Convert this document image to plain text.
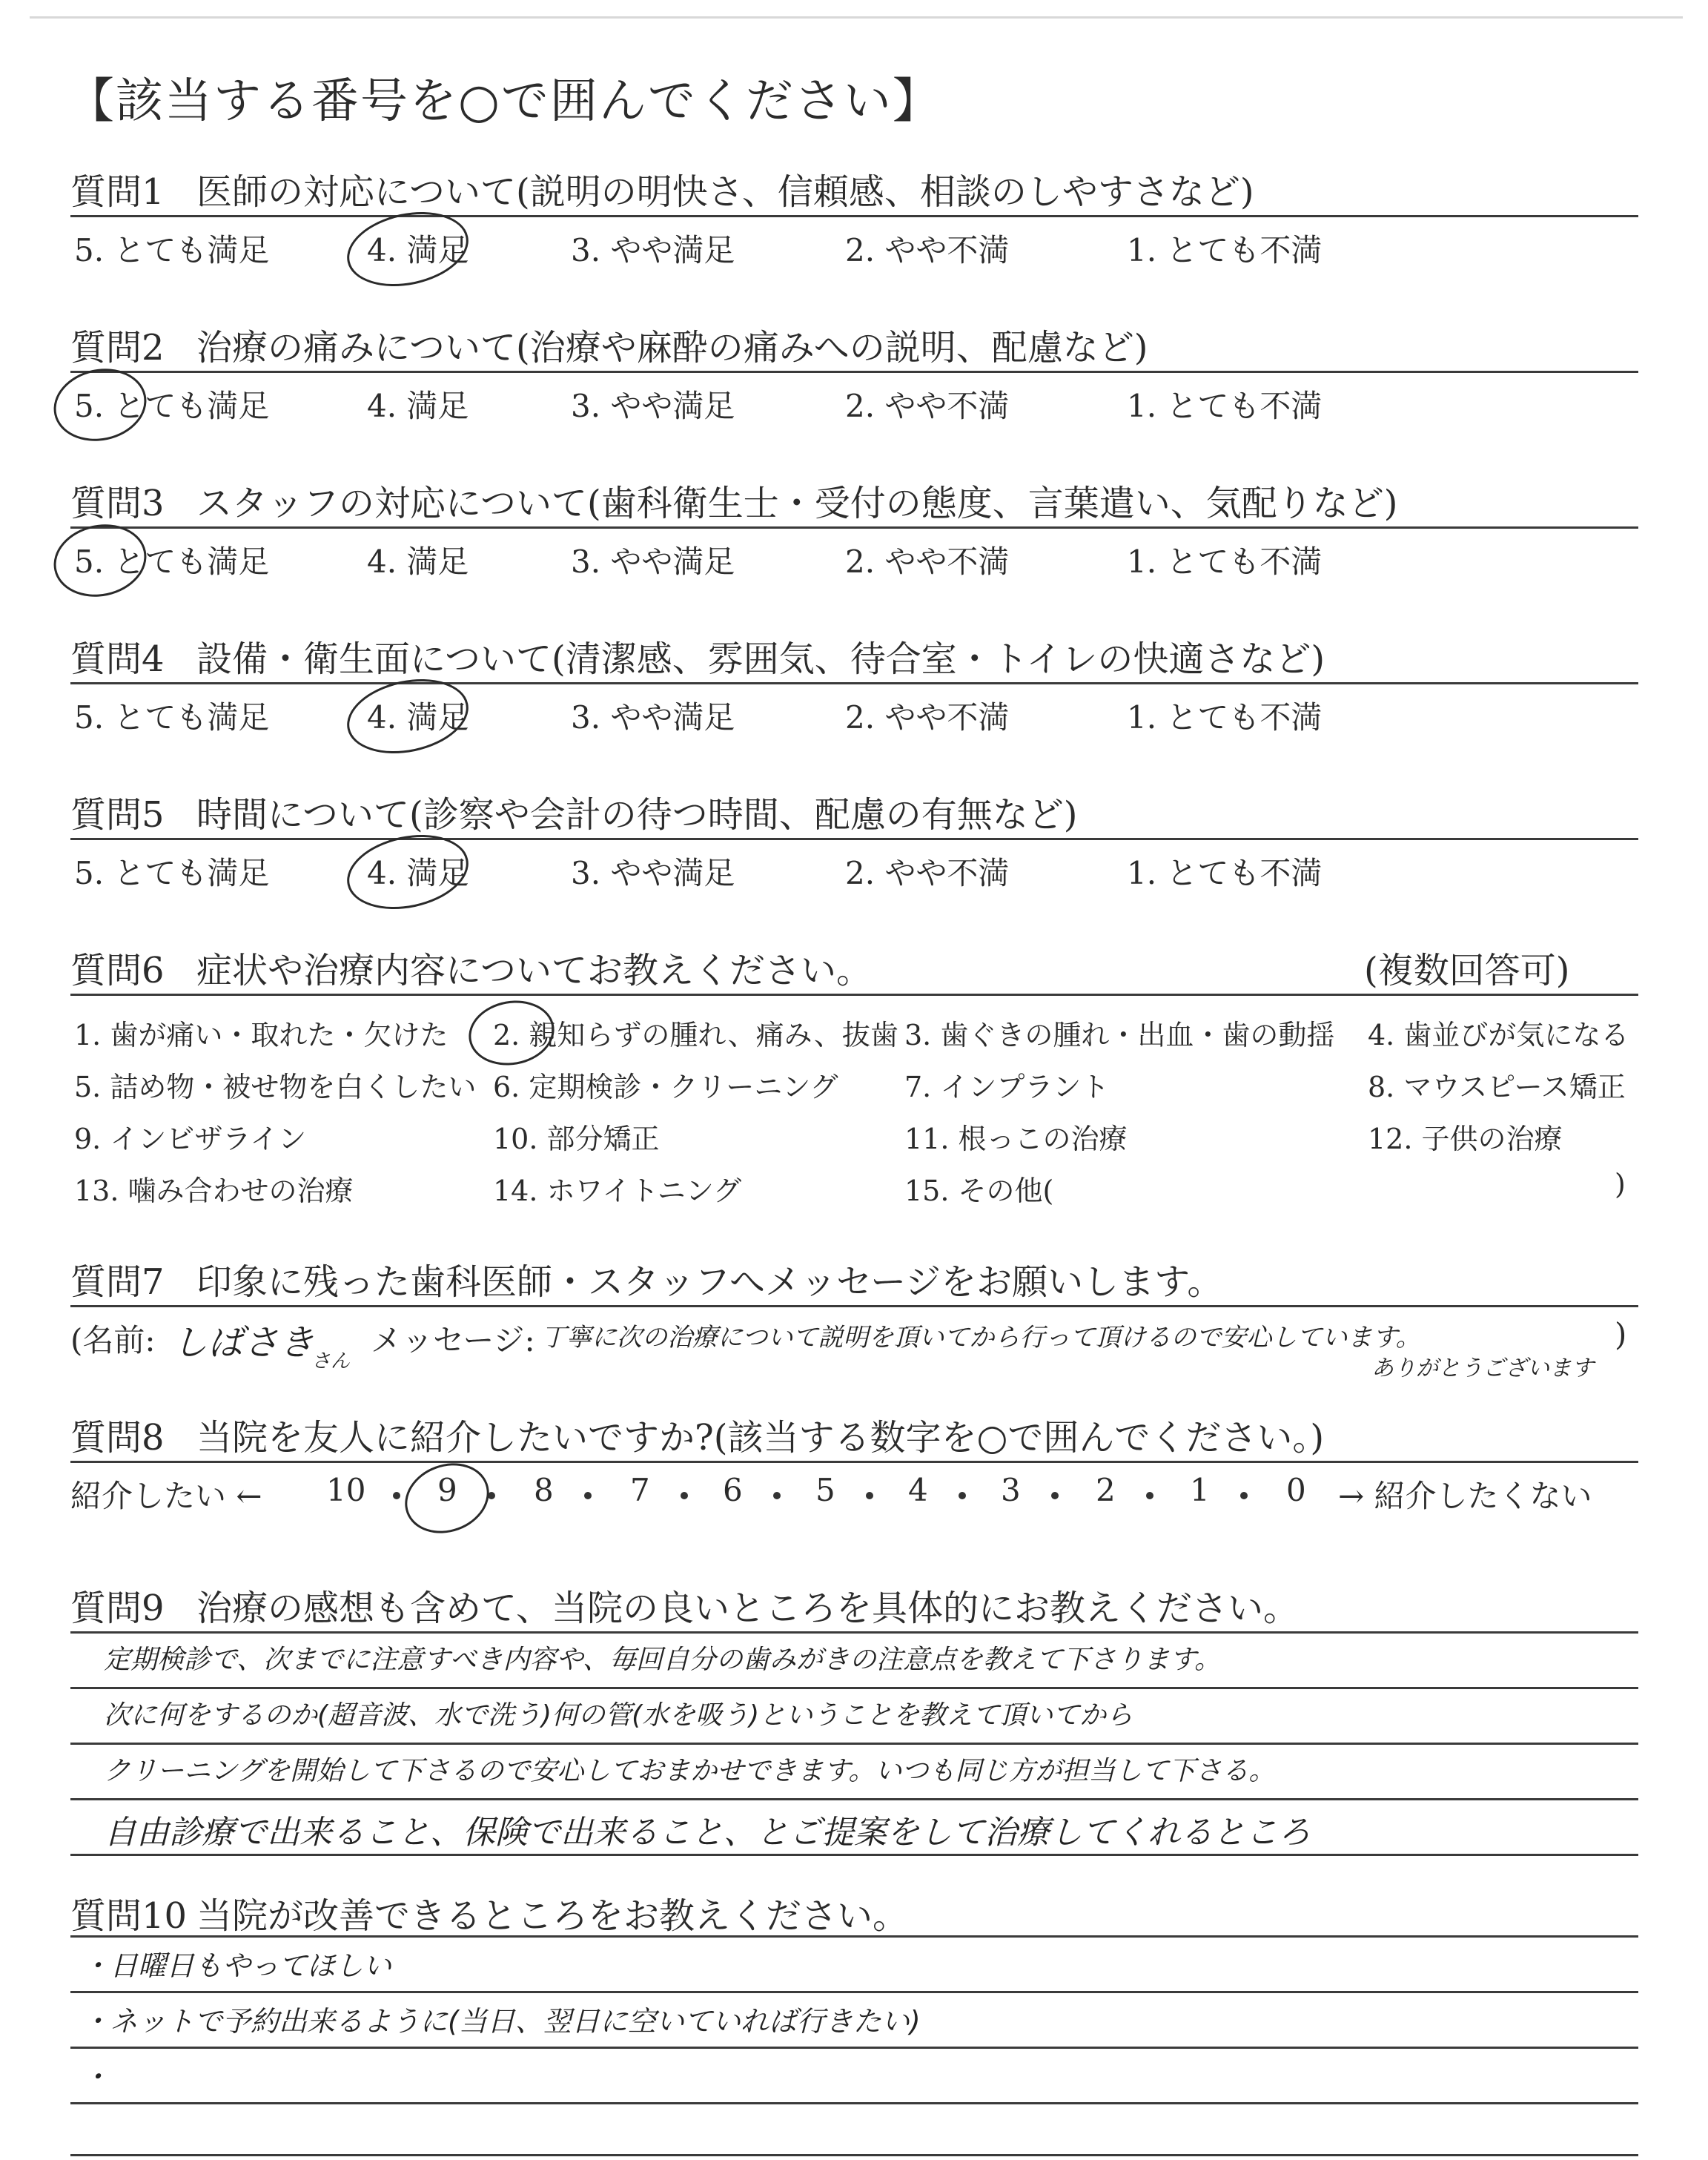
【該当する番号を○で囲んでください】
質問1 医師の対応について(説明の明快さ、信頼感、相談のしやすさなど)
5. とても満足	4. 満足	3. やや満足	2. やや不満	1. とても不満
質問2 治療の痛みについて(治療や麻酔の痛みへの説明、配慮など)
5. とても満足	4. 満足	3. やや満足	2. やや不満	1. とても不満
質問3 スタッフの対応について(歯科衛生士・受付の態度、言葉遣い、気配りなど)
5. とても満足	4. 満足	3. やや満足	2. やや不満	1. とても不満
質問4 設備・衛生面について(清潔感、雰囲気、待合室・トイレの快適さなど)
5. とても満足	4. 満足	3. やや満足	2. やや不満	1. とても不満
質問5 時間について(診察や会計の待つ時間、配慮の有無など)
5. とても満足	4. 満足	3. やや満足	2. やや不満	1. とても不満
質問6 症状や治療内容についてお教えください。	(複数回答可)
1. 歯が痛い・取れた・欠けた 2. 親知らずの腫れ、痛み、抜歯 3. 歯ぐきの腫れ・出血・歯の動揺 4. 歯並びが気になる
5. 詰め物・被せ物を白くしたい 6. 定期検診・クリーニング 7. インプラント	8. マウスピース矯正
9. インビザライン	10. 部分矯正	11. 根っこの治療	12. 子供の治療
13. 噛み合わせの治療	14. ホワイトニング	15. その他(	)
質問7 印象に残った歯科医師・スタッフへメッセージをお願いします。
(名前: しばさき
さん
メッセージ: 丁寧に次の治療について説明を頂いてから行って頂けるので安心しています。
ありがとうございます
)
質問8 当院を友人に紹介したいですか?(該当する数字を○で囲んでください。)
紹介したい ← 10 9 8 7 6 5 4 3 2 1 0 → 紹介したくない
質問9 治療の感想も含めて、当院の良いところを具体的にお教えください。
定期検診で、次までに注意すべき内容や、毎回自分の歯みがきの注意点を教えて下さります。
次に何をするのか(超音波、水で洗う)何の管(水を吸う)ということを教えて頂いてから
クリーニングを開始して下さるので安心しておまかせできます。いつも同じ方が担当して下さる。
自由診療で出来ること、保険で出来ること、とご提案をして治療してくれるところ
質問10 当院が改善できるところをお教えください。
・日曜日もやってほしい
・ネットで予約出来るように(当日、翌日に空いていれば行きたい)
・
